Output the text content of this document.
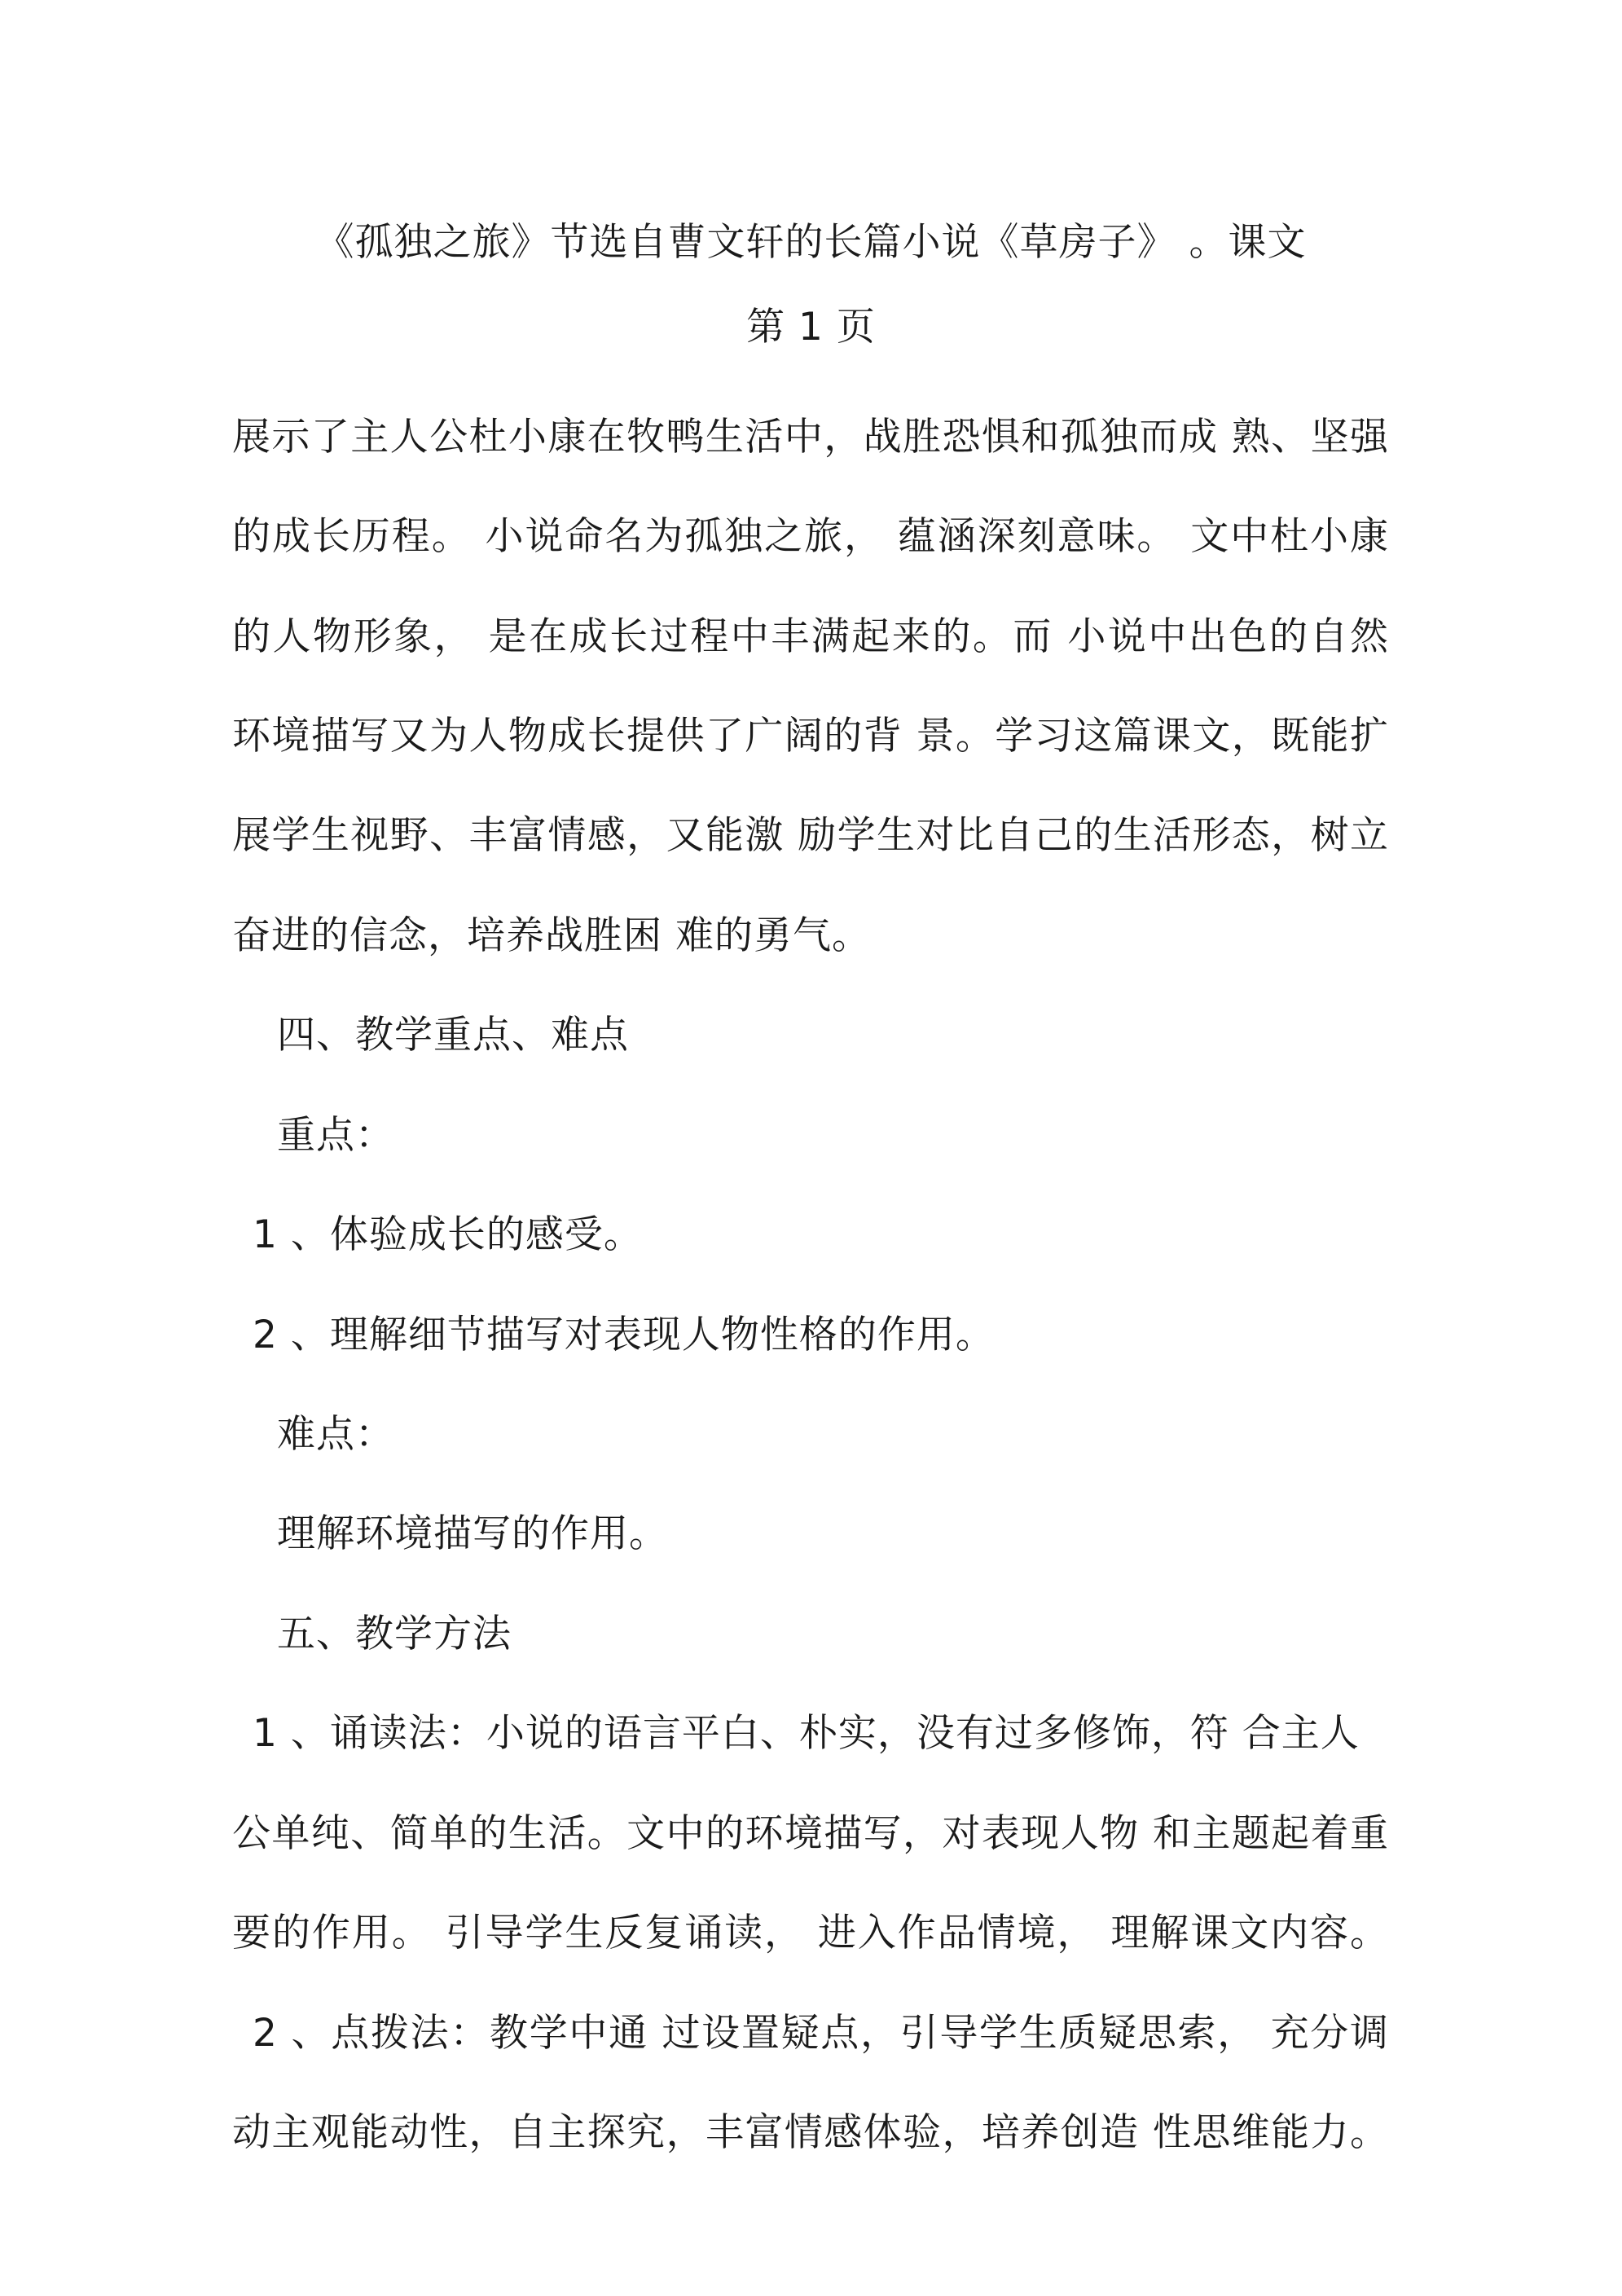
《孤独之旅》节选自曹文轩的长篇小说《草房子》 。课文
第 1 页
展示了主人公杜小康在牧鸭生活中，战胜恐惧和孤独而成 熟、坚强
的成长历程。 小说命名为孤独之旅， 蕴涵深刻意味。 文中杜小康
的人物形象， 是在成长过程中丰满起来的。而 小说中出色的自然
环境描写又为人物成长提供了广阔的背 景。学习这篇课文，既能扩
展学生视野、丰富情感，又能激 励学生对比自己的生活形态，树立
奋进的信念，培养战胜困 难的勇气。
四、教学重点、难点
重点：
1 、体验成长的感受。
2 、理解细节描写对表现人物性格的作用。
难点：
理解环境描写的作用。
五、教学方法
1 、诵读法：小说的语言平白、朴实，没有过多修饰，符 合主人
公单纯、简单的生活。文中的环境描写，对表现人物 和主题起着重
要的作用。 引导学生反复诵读， 进入作品情境， 理解课文内容。
2 、点拨法：教学中通 过设置疑点，引导学生质疑思索， 充分调
动主观能动性，自主探究，丰富情感体验，培养创造 性思维能力。
